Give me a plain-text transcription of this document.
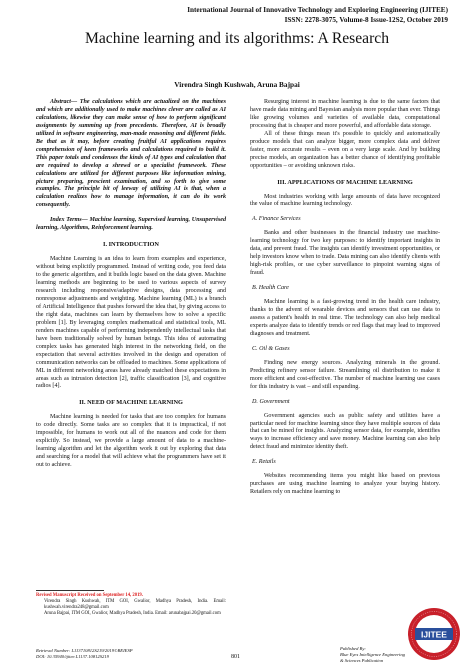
International Journal of Innovative Technology and Exploring Engineering (IJITEE)
ISSN: 2278-3075, Volume-8 Issue-12S2, October 2019
Machine learning and its algorithms: A Research
Virendra Singh Kushwah, Aruna Bajpai

Abstract— The calculations which are actualized on the machines and which are additionally used to make machines clever are called as AI calculations, likewise they can make sense of how to perform significant assignments by summing up from precedents. Therefore, AI is broadly utilized in software engineering, man-made reasoning and different fields. Be that as it may, before creating fruitful AI applications requires comprehension of keen frameworks and calculations required to build it. This paper totals and condenses the kinds of AI types and calculation that are required to develop a shrewd or a specialist framework. These calculations are utilized for different purposes like information mining, picture preparing, prescient examination, and so forth to give some examples. The principle bit of leeway of utilizing AI is that, when a calculation realizes how to manage information, it can do its work consequently.

Index Terms— Machine learning, Supervised learning, Unsupervised learning, Algorithms, Reinforcement learning.

I. INTRODUCTION

Machine Learning is an idea to learn from examples and experience, without being explicitly programmed. Instead of writing code, you feed data to the generic algorithm, and it builds logic based on the data given. Machine learning methods are beginning to be used to various aspects of survey research including responsive/adaptive designs, data processing and nonresponse adjustments and weighting. Machine learning (ML) is a branch of Artificial Intelligence that pushes forward the idea that, by giving access to the right data, machines can learn by themselves how to solve a specific problem [1]. By leveraging complex mathematical and statistical tools, ML renders machines capable of performing independently intellectual tasks that have been traditionally solved by human beings. This idea of automating complex tasks has generated high interest in the networking field, on the expectation that several activities involved in the design and operation of communication networks can be offloaded to machines. Some applications of ML in different networking areas have already matched these expectations in areas such as intrusion detection [2], traffic classification [3], and cognitive radios [4].

II. NEED OF MACHINE LEARNING

Machine learning is needed for tasks that are too complex for humans to code directly. Some tasks are so complex that it is impractical, if not impossible, for humans to work out all of the nuances and code for them explicitly. So instead, we provide a large amount of data to a machine-learning algorithm and let the algorithm work it out by exploring that data and searching for a model that will achieve what the programmers have set it out to achieve.

Resurging interest in machine learning is due to the same factors that have made data mining and Bayesian analysis more popular than ever. Things like growing volumes and varieties of available data, computational processing that is cheaper and more powerful, and affordable data storage.

All of these things mean it's possible to quickly and automatically produce models that can analyze bigger, more complex data and deliver faster, more accurate results – even on a very large scale. And by building precise models, an organization has a better chance of identifying profitable opportunities – or avoiding unknown risks.

III. APPLICATIONS OF MACHINE LEARNING

Most industries working with large amounts of data have recognized the value of machine learning technology.

A. Finance Services

Banks and other businesses in the financial industry use machine-learning technology for two key purposes: to identify important insights in data, and prevent fraud. The insights can identify investment opportunities, or help investors know when to trade. Data mining can also identify clients with high-risk profiles, or use cyber surveillance to pinpoint warning signs of fraud.

B. Health Care

Machine learning is a fast-growing trend in the health care industry, thanks to the advent of wearable devices and sensors that can use data to assess a patient's health in real time. The technology can also help medical experts analyze data to identify trends or red flags that may lead to improved diagnoses and treatment.

C. Oil & Gases

Finding new energy sources. Analyzing minerals in the ground. Predicting refinery sensor failure. Streamlining oil distribution to make it more efficient and cost-effective. The number of machine learning use cases for this industry is vast – and still expanding.

D. Government

Government agencies such as public safety and utilities have a particular need for machine learning since they have multiple sources of data that can be mined for insights. Analyzing sensor data, for example, identifies ways to increase efficiency and save money. Machine learning can also help detect fraud and minimize identity theft.

E. Retails

Websites recommending items you might like based on previous purchases are using machine learning to analyze your buying history. Retailers rely on machine learning to

Revised Manuscript Received on September 14, 2019.

Virendra Singh Kushwah, ITM GOI, Gwalior, Madhya Pradesh, India. Email: kushwah.virendra248@gmail.com

Aruna Bajpai, ITM GOI, Gwalior, Madhya Pradesh, India. Email: arunabajpai.20@gmail.com

Retrieval Number: L113710812S219/2019©BEIESP
DOI: 10.35940/ijitee.L1137.10812S219	801
Published By:
Blue Eyes Intelligence Engineering
& Sciences Publication
IJITEE
